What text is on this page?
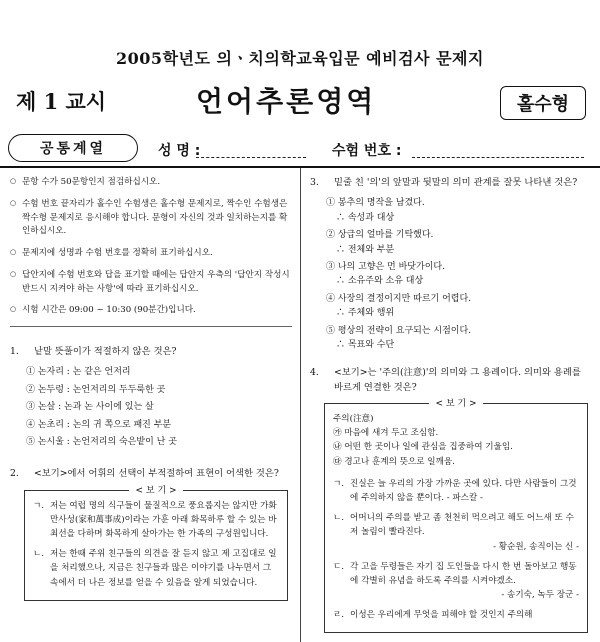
2005학년도 의ㆍ치의학교육입문 예비검사 문제지
제 1 교시	언어추론영역	홀수형
공통계열	성 명 :	수험 번호 :
○ 문항 수가 50문항인지 점검하십시오.
○ 수험 번호 끝자리가 홀수인 수험생은 홀수형 문제지로, 짝수인 수험생은 짝수형 문제지로 응시해야 합니다. 문형이 자신의 것과 일치하는지를 확인하십시오.
○ 문제지에 성명과 수험 번호를 정확히 표기하십시오.
○ 답안지에 수험 번호와 답을 표기할 때에는 답안지 우측의 '답안지 작성시 반드시 지켜야 하는 사항'에 따라 표기하십시오.
○ 시험 시간은 09:00 ~ 10:30 (90분간)입니다.
1.	낱말 뜻풀이가 적절하지 않은 것은?
① 논자리 : 논 같은 언저리
② 논두렁 : 논언저리의 두두룩한 곳
③ 논살 : 논과 논 사이에 있는 살
④ 논초리 : 논의 귀 쪽으로 패진 부분
⑤ 논시울 : 논언저리의 숙은밭이 난 곳
2.	<보기>에서 어휘의 선택이 부적절하여 표현이 어색한 것은?
< 보 기 >
ㄱ. 저는 여럽 명의 식구들이 물질적으로 풍요롭지는 않지만 가화만사성(家和萬事成)이라는 가훈 아래 화목하루 할 수 있는 바 최선을 다하며 화목하게 살아가는 한 가족의 구성원입니다.
ㄴ. 저는 한때 주위 친구들의 의견을 잘 듣지 않고 제 고집대로 일을 처리했으나, 지금은 친구들과 많은 이야기를 나누면서 그 속에서 더 나은 정보를 얻을 수 있음을 알게 되었습니다.
3.	밑줄 친 '의'의 앞말과 뒷말의 의미 관계를 잘못 나타낸 것은?
① 봉추의 명작을 남겼다.
∴ 속성과 대상
② 상급의 얼마를 기탁했다.
∴ 전체와 부분
③ 나의 고향은 먼 바닷가이다.
∴ 소유주와 소유 대상
④ 사장의 결정이지만 따르기 어렵다.
∴ 주체와 행위
⑤ 평상의 전략이 요구되는 시점이다.
∴ 목표와 수단
4.	<보기>는 '주의(注意)'의 의미와 그 용례이다. 의미와 용례를 바르게 연결한 것은?
< 보 기 >
주의(注意)
㉮ 마음에 새겨 두고 조심함.
㉯ 어떤 한 곳이나 일에 관심을 집중하여 기울임.
㉰ 경고나 훈계의 뜻으로 일깨움.
ㄱ. 진실은 늘 우리의 가장 가까운 곳에 있다. 다만 사람들이 그것에 주의하지 않을 뿐이다. - 파스칼 -
ㄴ. 어머니의 주의를 받고 좀 천천히 먹으려고 해도 어느새 또 수저 놀림이 빨라진다.
- 황순원, 송직이는 신 -
ㄷ. 각 고을 두령들은 자기 집 도인들을 다시 한 번 돌아보고 행동에 각별히 유념을 하도록 주의를 시켜야겠소.
- 송기숙, 녹두 장군 -
ㄹ. 이성은 우리에게 무엇을 피해야 할 것인지 주의해
